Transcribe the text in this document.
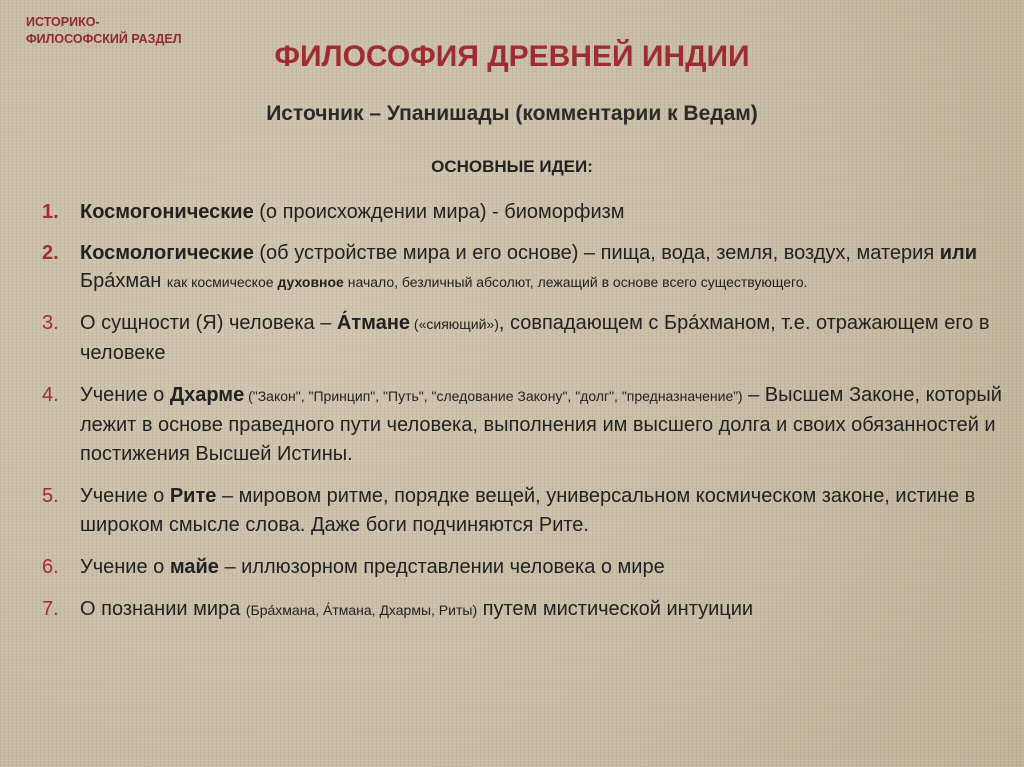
ИСТОРИКО-
ФИЛОСОФСКИЙ РАЗДЕЛ
ФИЛОСОФИЯ ДРЕВНЕЙ ИНДИИ
Источник – Упанишады (комментарии к Ведам)
ОСНОВНЫЕ ИДЕИ:
1. Космогонические (о происхождении мира) - биоморфизм
2. Космологические (об устройстве мира и его основе) – пища, вода, земля, воздух, материя или Бра́хман как космическое духовное начало, безличный абсолют, лежащий в основе всего существующего.
3. О сущности (Я) человека – А́тмане («сияющий»), совпадающем с Бра́хманом, т.е. отражающем его в человеке
4. Учение о Дхарме ("Закон", "Принцип", "Путь", "следование Закону", "долг", "предназначение”) – Высшем Законе, который лежит в основе праведного пути человека, выполнения им высшего долга и своих обязанностей и постижения Высшей Истины.
5. Учение о Рите – мировом ритме, порядке вещей, универсальном космическом законе, истине в широком смысле слова. Даже боги подчиняются Рите.
6. Учение о майе – иллюзорном представлении человека о мире
7. О познании мира (Бра́хмана, А́тмана, Дхармы, Риты) путем мистической интуиции
